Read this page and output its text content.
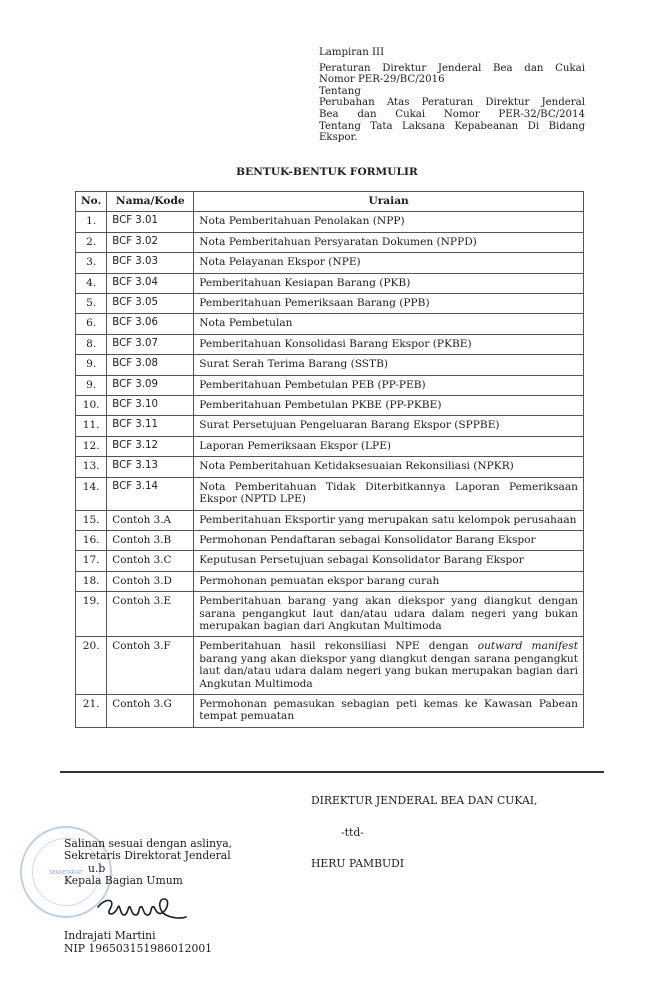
Lampiran III
Peraturan Direktur Jenderal Bea dan Cukai
Nomor PER-29/BC/2016
Tentang
Perubahan Atas Peraturan Direktur Jenderal
Bea dan Cukai Nomor PER-32/BC/2014
Tentang Tata Laksana Kepabeanan Di Bidang
Ekspor.
BENTUK-BENTUK FORMULIR
No.	Nama/Kode	Uraian
1.	BCF 3.01	Nota Pemberitahuan Penolakan (NPP)
2.	BCF 3.02	Nota Pemberitahuan Persyaratan Dokumen (NPPD)
3.	BCF 3.03	Nota Pelayanan Ekspor (NPE)
4.	BCF 3.04	Pemberitahuan Kesiapan Barang (PKB)
5.	BCF 3.05	Pemberitahuan Pemeriksaan Barang (PPB)
6.	BCF 3.06	Nota Pembetulan
8.	BCF 3.07	Pemberitahuan Konsolidasi Barang Ekspor (PKBE)
9.	BCF 3.08	Surat Serah Terima Barang (SSTB)
9.	BCF 3.09	Pemberitahuan Pembetulan PEB (PP-PEB)
10.	BCF 3.10	Pemberitahuan Pembetulan PKBE (PP-PKBE)
11.	BCF 3.11	Surat Persetujuan Pengeluaran Barang Ekspor (SPPBE)
12.	BCF 3.12	Laporan Pemeriksaan Ekspor (LPE)
13.	BCF 3.13	Nota Pemberitahuan Ketidaksesuaian Rekonsiliasi (NPKR)
14.	BCF 3.14	Nota Pemberitahuan Tidak Diterbitkannya Laporan Pemeriksaan Ekspor (NPTD LPE)
15.	Contoh 3.A	Pemberitahuan Eksportir yang merupakan satu kelompok perusahaan
16.	Contoh 3.B	Permohonan Pendaftaran sebagai Konsolidator Barang Ekspor
17.	Contoh 3.C	Keputusan Persetujuan sebagai Konsolidator Barang Ekspor
18.	Contoh 3.D	Permohonan pemuatan ekspor barang curah
19.	Contoh 3.E	Pemberitahuan barang yang akan diekspor yang diangkut dengan sarana pengangkut laut dan/atau udara dalam negeri yang bukan merupakan bagian dari Angkutan Multimoda
20.	Contoh 3.F	Pemberitahuan hasil rekonsiliasi NPE dengan outward manifest barang yang akan diekspor yang diangkut dengan sarana pengangkut laut dan/atau udara dalam negeri yang bukan merupakan bagian dari Angkutan Multimoda
21.	Contoh 3.G	Permohonan pemasukan sebagian peti kemas ke Kawasan Pabean tempat pemuatan
DIREKTUR JENDERAL BEA DAN CUKAI,
-ttd-
HERU PAMBUDI
SEKRETARIAT
Salinan sesuai dengan aslinya,
Sekretaris Direktorat Jenderal
u.b
Kepala Bagian Umum
Indrajati Martini
NIP 196503151986012001
